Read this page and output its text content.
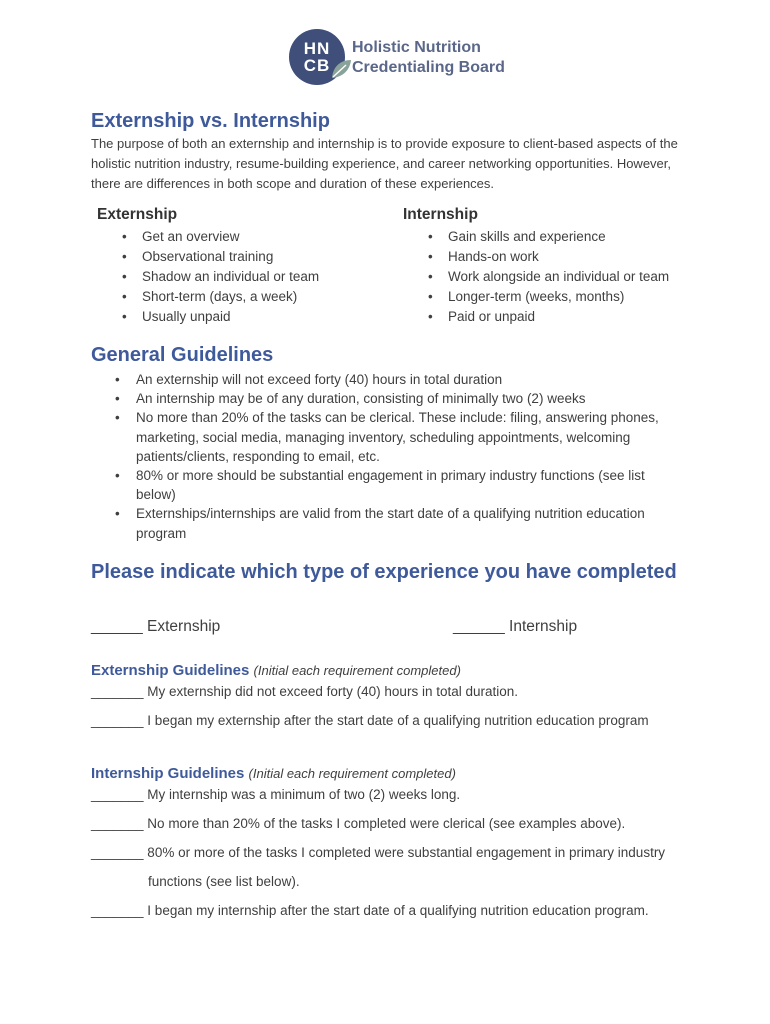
HN
CB
Holistic Nutrition
Credentialing Board
Externship vs. Internship
The purpose of both an externship and internship is to provide exposure to client-based aspects of the holistic nutrition industry, resume-building experience, and career networking opportunities. However, there are differences in both scope and duration of these experiences.
Externship
• Get an overview
• Observational training
• Shadow an individual or team
• Short-term (days, a week)
• Usually unpaid
Internship
• Gain skills and experience
• Hands-on work
• Work alongside an individual or team
• Longer-term (weeks, months)
• Paid or unpaid
General Guidelines
• An externship will not exceed forty (40) hours in total duration
• An internship may be of any duration, consisting of minimally two (2) weeks
• No more than 20% of the tasks can be clerical. These include: filing, answering phones, marketing, social media, managing inventory, scheduling appointments, welcoming patients/clients, responding to email, etc.
• 80% or more should be substantial engagement in primary industry functions (see list below)
• Externships/internships are valid from the start date of a qualifying nutrition education program
Please indicate which type of experience you have completed
______ Externship	______ Internship
Externship Guidelines (Initial each requirement completed)
_______ My externship did not exceed forty (40) hours in total duration.
_______ I began my externship after the start date of a qualifying nutrition education program
Internship Guidelines (Initial each requirement completed)
_______ My internship was a minimum of two (2) weeks long.
_______ No more than 20% of the tasks I completed were clerical (see examples above).
_______ 80% or more of the tasks I completed were substantial engagement in primary industry
functions (see list below).
_______ I began my internship after the start date of a qualifying nutrition education program.
